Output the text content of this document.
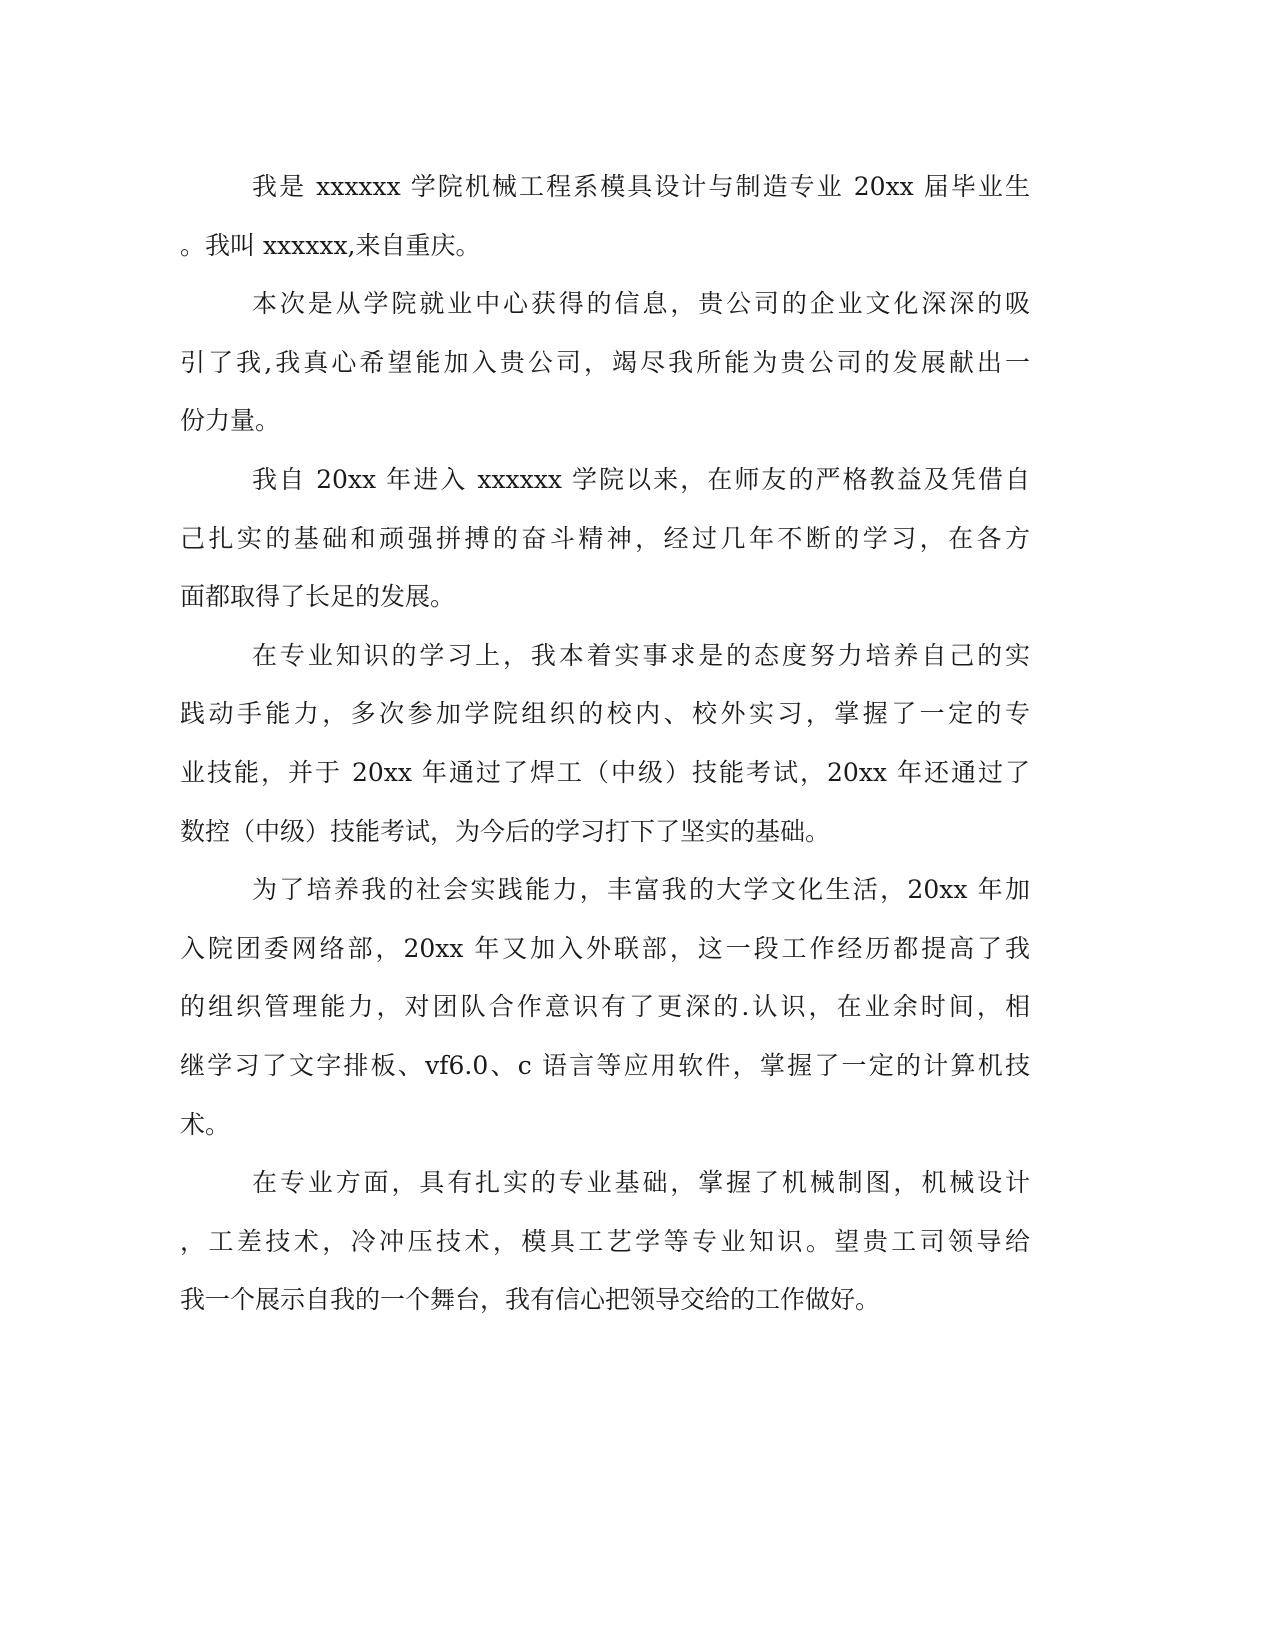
我是 xxxxxx 学院机械工程系模具设计与制造专业 20xx 届毕业生
。我叫 xxxxxx,来自重庆。
本次是从学院就业中心获得的信息，贵公司的企业文化深深的吸
引了我,我真心希望能加入贵公司，竭尽我所能为贵公司的发展献出一
份力量。
我自 20xx 年进入 xxxxxx 学院以来，在师友的严格教益及凭借自
己扎实的基础和顽强拼搏的奋斗精神，经过几年不断的学习，在各方
面都取得了长足的发展。
在专业知识的学习上，我本着实事求是的态度努力培养自己的实
践动手能力，多次参加学院组织的校内、校外实习，掌握了一定的专
业技能，并于 20xx 年通过了焊工（中级）技能考试，20xx 年还通过了
数控（中级）技能考试，为今后的学习打下了坚实的基础。
为了培养我的社会实践能力，丰富我的大学文化生活，20xx 年加
入院团委网络部，20xx 年又加入外联部，这一段工作经历都提高了我
的组织管理能力，对团队合作意识有了更深的.认识，在业余时间，相
继学习了文字排板、vf6.0、c 语言等应用软件，掌握了一定的计算机技
术。
在专业方面，具有扎实的专业基础，掌握了机械制图，机械设计
，工差技术，冷冲压技术，模具工艺学等专业知识。望贵工司领导给
我一个展示自我的一个舞台，我有信心把领导交给的工作做好。
